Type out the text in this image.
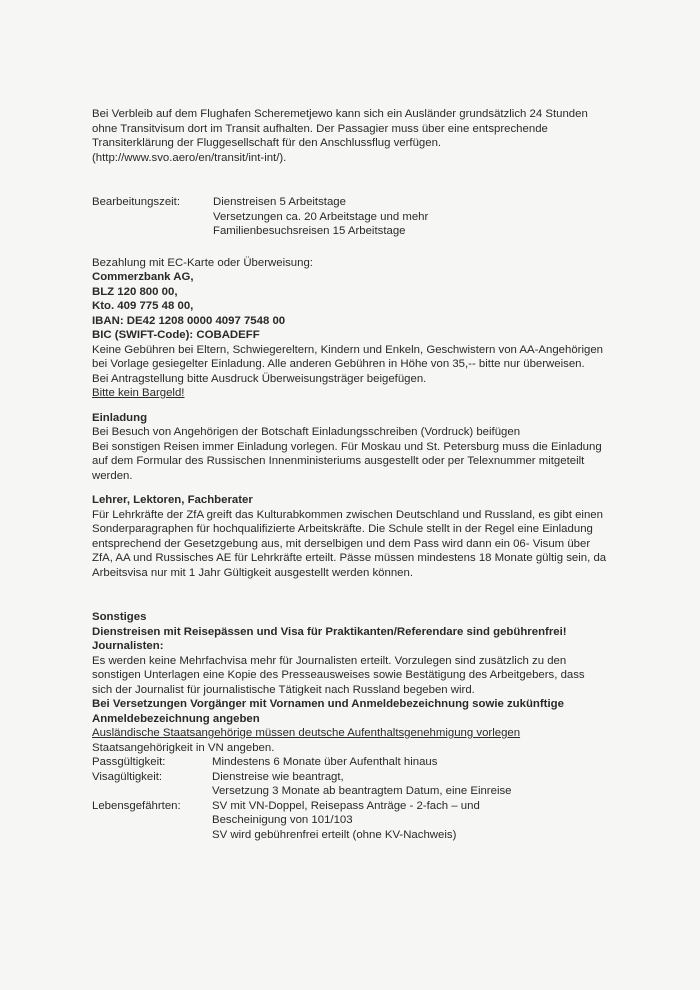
Bei Verbleib auf dem Flughafen Scheremetjewo kann sich ein Ausländer grundsätzlich 24 Stunden

ohne Transitvisum dort im Transit aufhalten. Der Passagier muss über eine entsprechende

Transiterklärung der Fluggesellschaft für den Anschlussflug verfügen.

(http://www.svo.aero/en/transit/int-int/).

Bearbeitungszeit:	Dienstreisen 5 Arbeitstage

Versetzungen ca. 20 Arbeitstage und mehr

Familienbesuchsreisen 15 Arbeitstage

Bezahlung mit EC-Karte oder Überweisung:

Commerzbank AG,

BLZ 120 800 00,

Kto. 409 775 48 00,

IBAN: DE42 1208 0000 4097 7548 00

BIC (SWIFT-Code): COBADEFF

Keine Gebühren bei Eltern, Schwiegereltern, Kindern und Enkeln, Geschwistern von AA-Angehörigen

bei Vorlage gesiegelter Einladung. Alle anderen Gebühren in Höhe von 35,-- bitte nur überweisen.

Bei Antragstellung bitte Ausdruck Überweisungsträger beigefügen.

Bitte kein Bargeld!

Einladung

Bei Besuch von Angehörigen der Botschaft Einladungsschreiben (Vordruck) beifügen

Bei sonstigen Reisen immer Einladung vorlegen. Für Moskau und St. Petersburg muss die Einladung

auf dem Formular des Russischen Innenministeriums ausgestellt oder per Telexnummer mitgeteilt

werden.

Lehrer, Lektoren, Fachberater

Für Lehrkräfte der ZfA greift das Kulturabkommen zwischen Deutschland und Russland, es gibt einen

Sonderparagraphen für hochqualifizierte Arbeitskräfte. Die Schule stellt in der Regel eine Einladung

entsprechend der Gesetzgebung aus, mit derselbigen und dem Pass wird dann ein 06- Visum über

ZfA, AA und Russisches AE für Lehrkräfte erteilt. Pässe müssen mindestens 18 Monate gültig sein, da

Arbeitsvisa nur mit 1 Jahr Gültigkeit ausgestellt werden können.

Sonstiges

Dienstreisen mit Reisepässen und Visa für Praktikanten/Referendare sind gebührenfrei!

Journalisten:

Es werden keine Mehrfachvisa mehr für Journalisten erteilt. Vorzulegen sind zusätzlich zu den

sonstigen Unterlagen eine Kopie des Presseausweises sowie Bestätigung des Arbeitgebers, dass

sich der Journalist für journalistische Tätigkeit nach Russland begeben wird.

Bei Versetzungen Vorgänger mit Vornamen und Anmeldebezeichnung sowie zukünftige

Anmeldebezeichnung angeben

Ausländische Staatsangehörige müssen deutsche Aufenthaltsgenehmigung vorlegen

Staatsangehörigkeit in VN angeben.

Passgültigkeit:	Mindestens 6 Monate über Aufenthalt hinaus

Visagültigkeit:	Dienstreise wie beantragt,

Versetzung 3 Monate ab beantragtem Datum, eine Einreise

Lebensgefährten:	SV mit VN-Doppel, Reisepass Anträge - 2-fach – und

Bescheinigung von 101/103

SV wird gebührenfrei erteilt (ohne KV-Nachweis)
